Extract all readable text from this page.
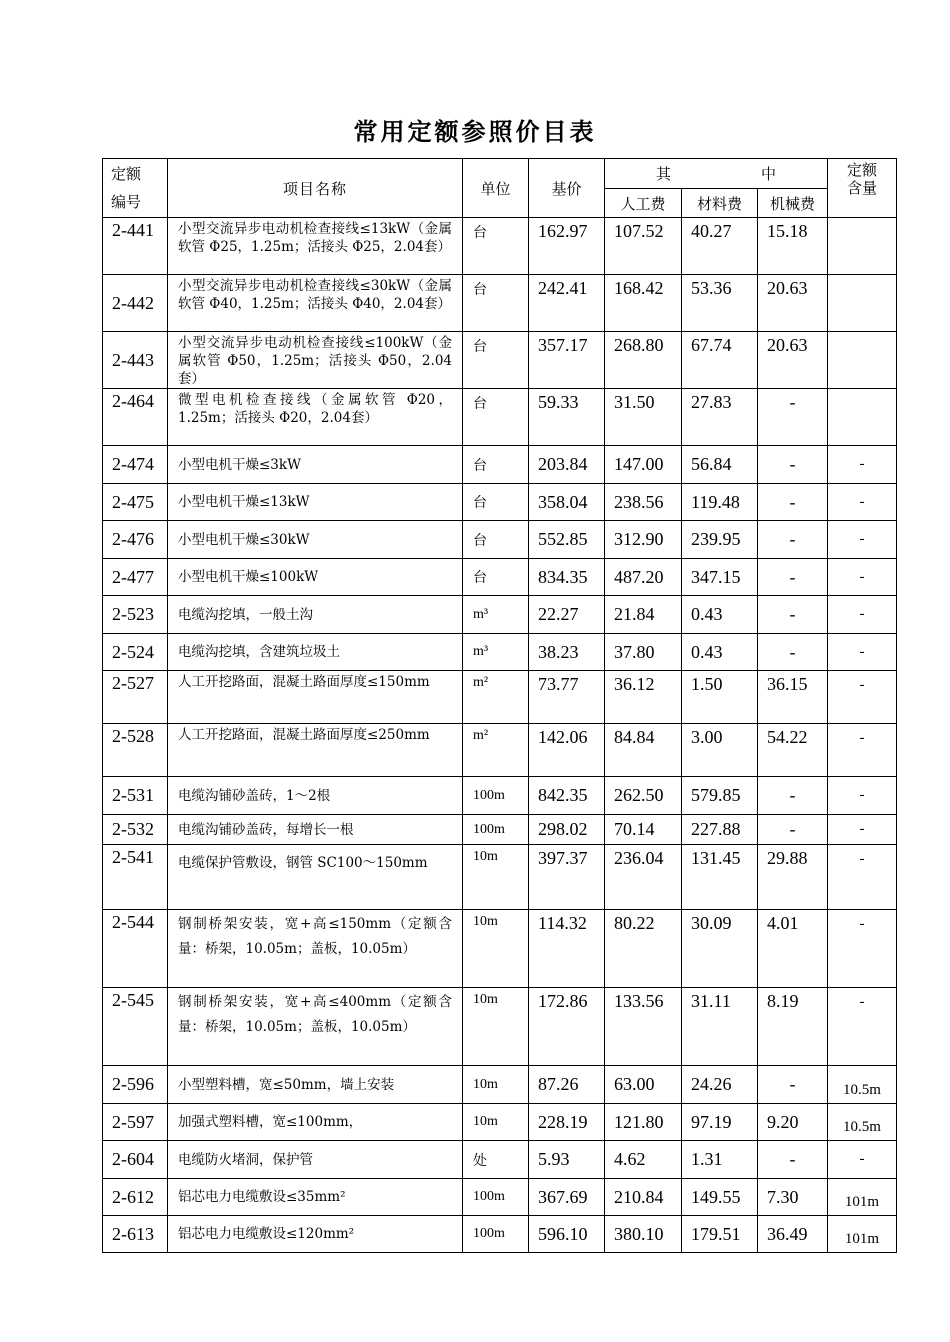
常用定额参照价目表
定额
编号	项目名称	单位	基价	其 中			定额
含量
				人工费	材料费	机械费	
2-441	小型交流异步电动机检查接线≤13kW（金属软管 Φ25，1.25m；活接头 Φ25，2.04套）	台	162.97	107.52	40.27	15.18	
2-442	小型交流异步电动机检查接线≤30kW（金属软管 Φ40，1.25m；活接头 Φ40，2.04套）	台	242.41	168.42	53.36	20.63	
2-443	小型交流异步电动机检查接线≤100kW（金属软管 Φ50，1.25m；活接头 Φ50，2.04套）	台	357.17	268.80	67.74	20.63	
2-464	微型电机检查接线（金属软管 Φ20，1.25m；活接头 Φ20，2.04套）	台	59.33	31.50	27.83	-	
2-474	小型电机干燥≤3kW	台	203.84	147.00	56.84	-	-
2-475	小型电机干燥≤13kW	台	358.04	238.56	119.48	-	-
2-476	小型电机干燥≤30kW	台	552.85	312.90	239.95	-	-
2-477	小型电机干燥≤100kW	台	834.35	487.20	347.15	-	-
2-523	电缆沟挖填，一般土沟	m³	22.27	21.84	0.43	-	-
2-524	电缆沟挖填，含建筑垃圾土	m³	38.23	37.80	0.43	-	-
2-527	人工开挖路面，混凝土路面厚度≤150mm	m²	73.77	36.12	1.50	36.15	-
2-528	人工开挖路面，混凝土路面厚度≤250mm	m²	142.06	84.84	3.00	54.22	-
2-531	电缆沟铺砂盖砖，1～2根	100m	842.35	262.50	579.85	-	-
2-532	电缆沟铺砂盖砖，每增长一根	100m	298.02	70.14	227.88	-	-
2-541	电缆保护管敷设，钢管 SC100～150mm	10m	397.37	236.04	131.45	29.88	-
2-544	钢制桥架安装，宽+高≤150mm（定额含量：桥架，10.05m；盖板，10.05m）	10m	114.32	80.22	30.09	4.01	-
2-545	钢制桥架安装，宽+高≤400mm（定额含量：桥架，10.05m；盖板，10.05m）	10m	172.86	133.56	31.11	8.19	-
2-596	小型塑料槽，宽≤50mm，墙上安装	10m	87.26	63.00	24.26	-	10.5m
2-597	加强式塑料槽，宽≤100mm，	10m	228.19	121.80	97.19	9.20	10.5m
2-604	电缆防火堵洞，保护管	处	5.93	4.62	1.31	-	-
2-612	铝芯电力电缆敷设≤35mm²	100m	367.69	210.84	149.55	7.30	101m
2-613	铝芯电力电缆敷设≤120mm²	100m	596.10	380.10	179.51	36.49	101m
